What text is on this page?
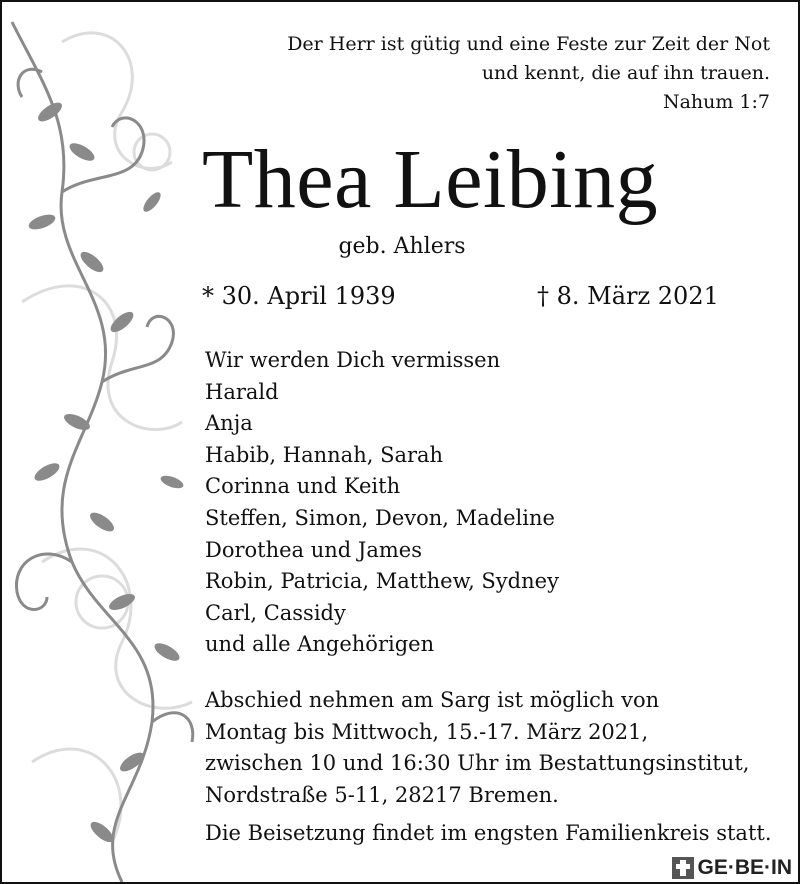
Der Herr ist gütig und eine Feste zur Zeit der Not
und kennt, die auf ihn trauen.
Nahum 1:7
Thea Leibing
geb. Ahlers
* 30. April 1939	† 8. März 2021
Wir werden Dich vermissen
Harald
Anja
Habib, Hannah, Sarah
Corinna und Keith
Steffen, Simon, Devon, Madeline
Dorothea und James
Robin, Patricia, Matthew, Sydney
Carl, Cassidy
und alle Angehörigen
Abschied nehmen am Sarg ist möglich von
Montag bis Mittwoch, 15.-17. März 2021,
zwischen 10 und 16:30 Uhr im Bestattungsinstitut,
Nordstraße 5-11, 28217 Bremen.
Die Beisetzung findet im engsten Familienkreis statt.
GE·BE·IN
